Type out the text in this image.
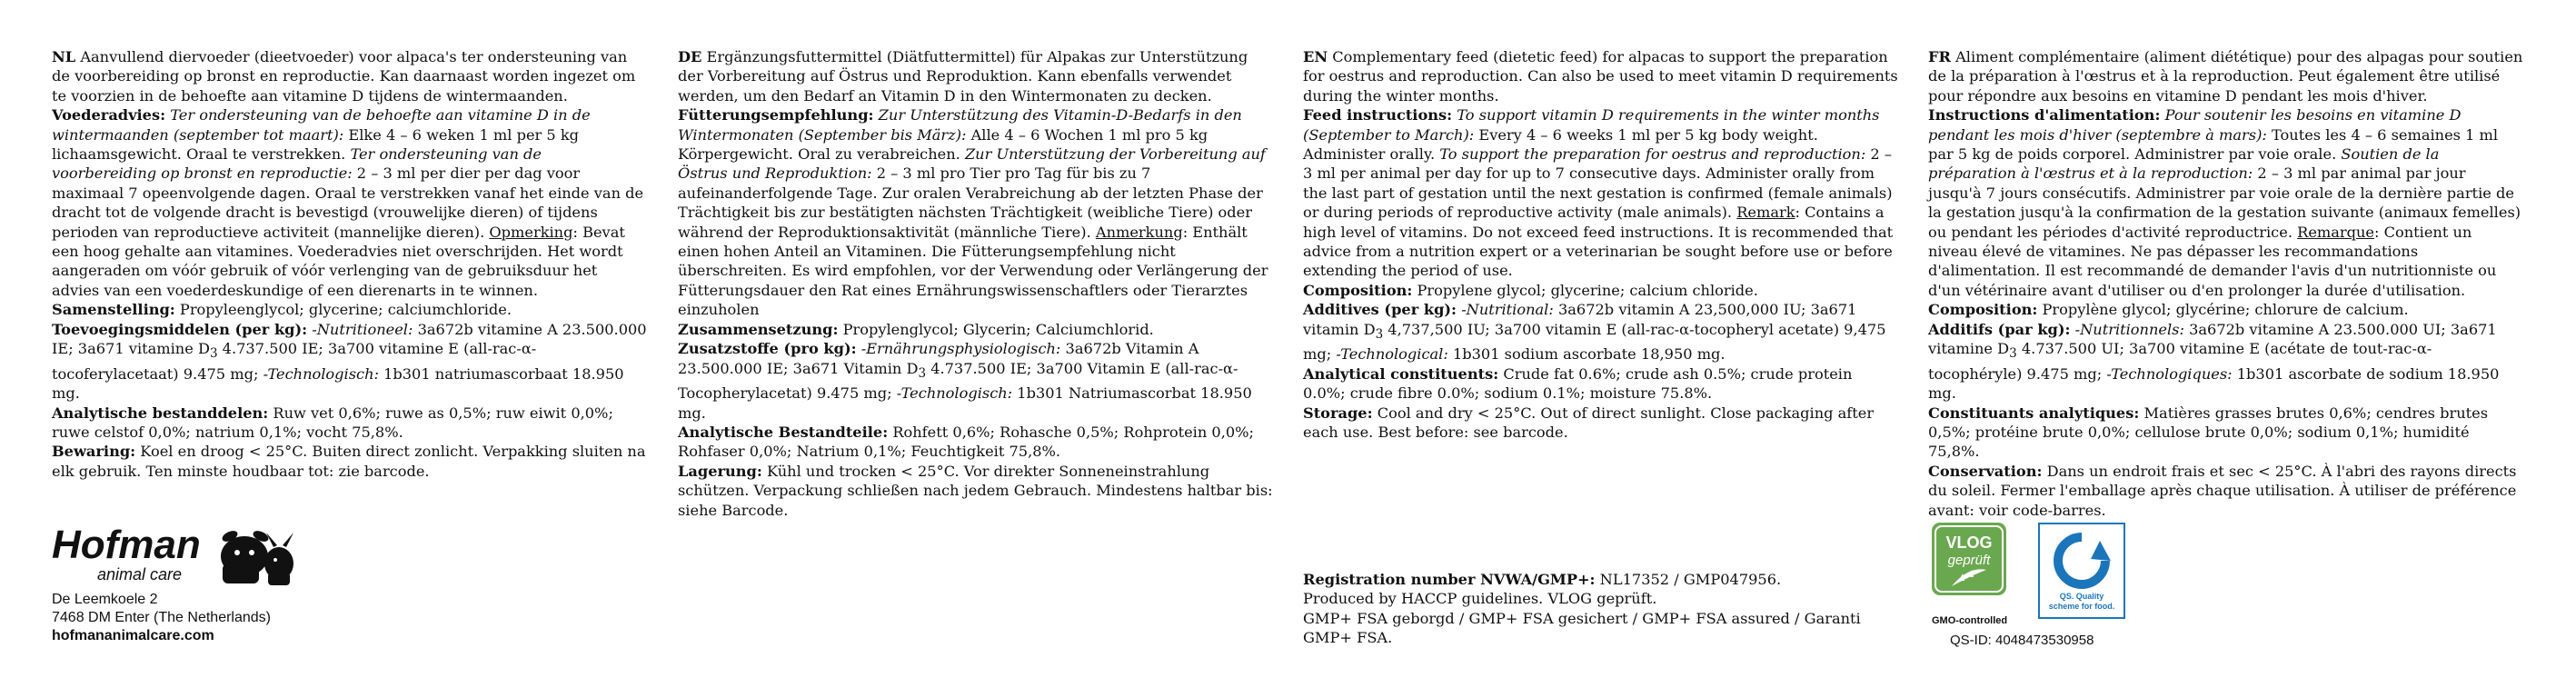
NL Aanvullend diervoeder (dieetvoeder) voor alpaca's ter ondersteuning van de voorbereiding op bronst en reproductie. Kan daarnaast worden ingezet om te voorzien in de behoefte aan vitamine D tijdens de wintermaanden.

Voederadvies: Ter ondersteuning van de behoefte aan vitamine D in de wintermaanden (september tot maart): Elke 4 – 6 weken 1 ml per 5 kg lichaamsgewicht. Oraal te verstrekken. Ter ondersteuning van de voorbereiding op bronst en reproductie: 2 – 3 ml per dier per dag voor maximaal 7 opeenvolgende dagen. Oraal te verstrekken vanaf het einde van de dracht tot de volgende dracht is bevestigd (vrouwelijke dieren) of tijdens perioden van reproductieve activiteit (mannelijke dieren). Opmerking: Bevat een hoog gehalte aan vitamines. Voederadvies niet overschrijden. Het wordt aangeraden om vóór gebruik of vóór verlenging van de gebruiksduur het advies van een voederdeskundige of een dierenarts in te winnen.

Samenstelling: Propyleenglycol; glycerine; calciumchloride.

Toevoegingsmiddelen (per kg): -Nutritioneel: 3a672b vitamine A 23.500.000 IE; 3a671 vitamine $D_3$ 4.737.500 IE; 3a700 vitamine E (all-rac-α-tocoferylacetaat) 9.475 mg; -Technologisch: 1b301 natriumascorbaat 18.950 mg.

Analytische bestanddelen: Ruw vet 0,6%; ruwe as 0,5%; ruw eiwit 0,0%; ruwe celstof 0,0%; natrium 0,1%; vocht 75,8%.

Bewaring: Koel en droog < 25°C. Buiten direct zonlicht. Verpakking sluiten na elk gebruik. Ten minste houdbaar tot: zie barcode.

DE Ergänzungsfuttermittel (Diätfuttermittel) für Alpakas zur Unterstützung der Vorbereitung auf Östrus und Reproduktion. Kann ebenfalls verwendet werden, um den Bedarf an Vitamin D in den Wintermonaten zu decken.

Fütterungsempfehlung: Zur Unterstützung des Vitamin-D-Bedarfs in den Wintermonaten (September bis März): Alle 4 – 6 Wochen 1 ml pro 5 kg Körpergewicht. Oral zu verabreichen. Zur Unterstützung der Vorbereitung auf Östrus und Reproduktion: 2 – 3 ml pro Tier pro Tag für bis zu 7 aufeinanderfolgende Tage. Zur oralen Verabreichung ab der letzten Phase der Trächtigkeit bis zur bestätigten nächsten Trächtigkeit (weibliche Tiere) oder während der Reproduktionsaktivität (männliche Tiere). Anmerkung: Enthält einen hohen Anteil an Vitaminen. Die Fütterungsempfehlung nicht überschreiten. Es wird empfohlen, vor der Verwendung oder Verlängerung der Fütterungsdauer den Rat eines Ernährungswissenschaftlers oder Tierarztes einzuholen

Zusammensetzung: Propylenglycol; Glycerin; Calciumchlorid.

Zusatzstoffe (pro kg): -Ernährungsphysiologisch: 3a672b Vitamin A 23.500.000 IE; 3a671 Vitamin $D_3$ 4.737.500 IE; 3a700 Vitamin E (all-rac-α-Tocopherylacetat) 9.475 mg; -Technologisch: 1b301 Natriumascorbat 18.950 mg.

Analytische Bestandteile: Rohfett 0,6%; Rohasche 0,5%; Rohprotein 0,0%; Rohfaser 0,0%; Natrium 0,1%; Feuchtigkeit 75,8%.

Lagerung: Kühl und trocken < 25°C. Vor direkter Sonneneinstrahlung schützen. Verpackung schließen nach jedem Gebrauch. Mindestens haltbar bis: siehe Barcode.

EN Complementary feed (dietetic feed) for alpacas to support the preparation for oestrus and reproduction. Can also be used to meet vitamin D requirements during the winter months.

Feed instructions: To support vitamin D requirements in the winter months (September to March): Every 4 – 6 weeks 1 ml per 5 kg body weight. Administer orally. To support the preparation for oestrus and reproduction: 2 – 3 ml per animal per day for up to 7 consecutive days. Administer orally from the last part of gestation until the next gestation is confirmed (female animals) or during periods of reproductive activity (male animals). Remark: Contains a high level of vitamins. Do not exceed feed instructions. It is recommended that advice from a nutrition expert or a veterinarian be sought before use or before extending the period of use.

Composition: Propylene glycol; glycerine; calcium chloride.

Additives (per kg): -Nutritional: 3a672b vitamin A 23,500,000 IU; 3a671 vitamin $D_3$ 4,737,500 IU; 3a700 vitamin E (all-rac-α-tocopheryl acetate) 9,475 mg; -Technological: 1b301 sodium ascorbate 18,950 mg.

Analytical constituents: Crude fat 0.6%; crude ash 0.5%; crude protein 0.0%; crude fibre 0.0%; sodium 0.1%; moisture 75.8%.

Storage: Cool and dry < 25°C. Out of direct sunlight. Close packaging after each use. Best before: see barcode.

FR Aliment complémentaire (aliment diététique) pour des alpagas pour soutien de la préparation à l'œstrus et à la reproduction. Peut également être utilisé pour répondre aux besoins en vitamine D pendant les mois d'hiver.

Instructions d'alimentation: Pour soutenir les besoins en vitamine D pendant les mois d'hiver (septembre à mars): Toutes les 4 – 6 semaines 1 ml par 5 kg de poids corporel. Administrer par voie orale. Soutien de la préparation à l'œstrus et à la reproduction: 2 – 3 ml par animal par jour jusqu'à 7 jours consécutifs. Administrer par voie orale de la dernière partie de la gestation jusqu'à la confirmation de la gestation suivante (animaux femelles) ou pendant les périodes d'activité reproductrice. Remarque: Contient un niveau élevé de vitamines. Ne pas dépasser les recommandations d'alimentation. Il est recommandé de demander l'avis d'un nutritionniste ou d'un vétérinaire avant d'utiliser ou d'en prolonger la durée d'utilisation.

Composition: Propylène glycol; glycérine; chlorure de calcium.

Additifs (par kg): -Nutritionnels: 3a672b vitamine A 23.500.000 UI; 3a671 vitamine $D_3$ 4.737.500 UI; 3a700 vitamine E (acétate de tout-rac-α-tocophéryle) 9.475 mg; -Technologiques: 1b301 ascorbate de sodium 18.950 mg.

Constituants analytiques: Matières grasses brutes 0,6%; cendres brutes 0,5%; protéine brute 0,0%; cellulose brute 0,0%; sodium 0,1%; humidité 75,8%.

Conservation: Dans un endroit frais et sec < 25°C. À l'abri des rayons directs du soleil. Fermer l'emballage après chaque utilisation. À utiliser de préférence avant: voir code-barres.

Hofman
animal care
De Leemkoele 2
7468 DM Enter (The Netherlands)
hofmananimalcare.com

Registration number NVWA/GMP+: NL17352 / GMP047956.

Produced by HACCP guidelines. VLOG geprüft.

GMP+ FSA geborgd / GMP+ FSA gesichert / GMP+ FSA assured / Garanti GMP+ FSA.

VLOG
geprüft
GMO-controlled
QS. Quality
scheme for food.
QS-ID: 4048473530958
